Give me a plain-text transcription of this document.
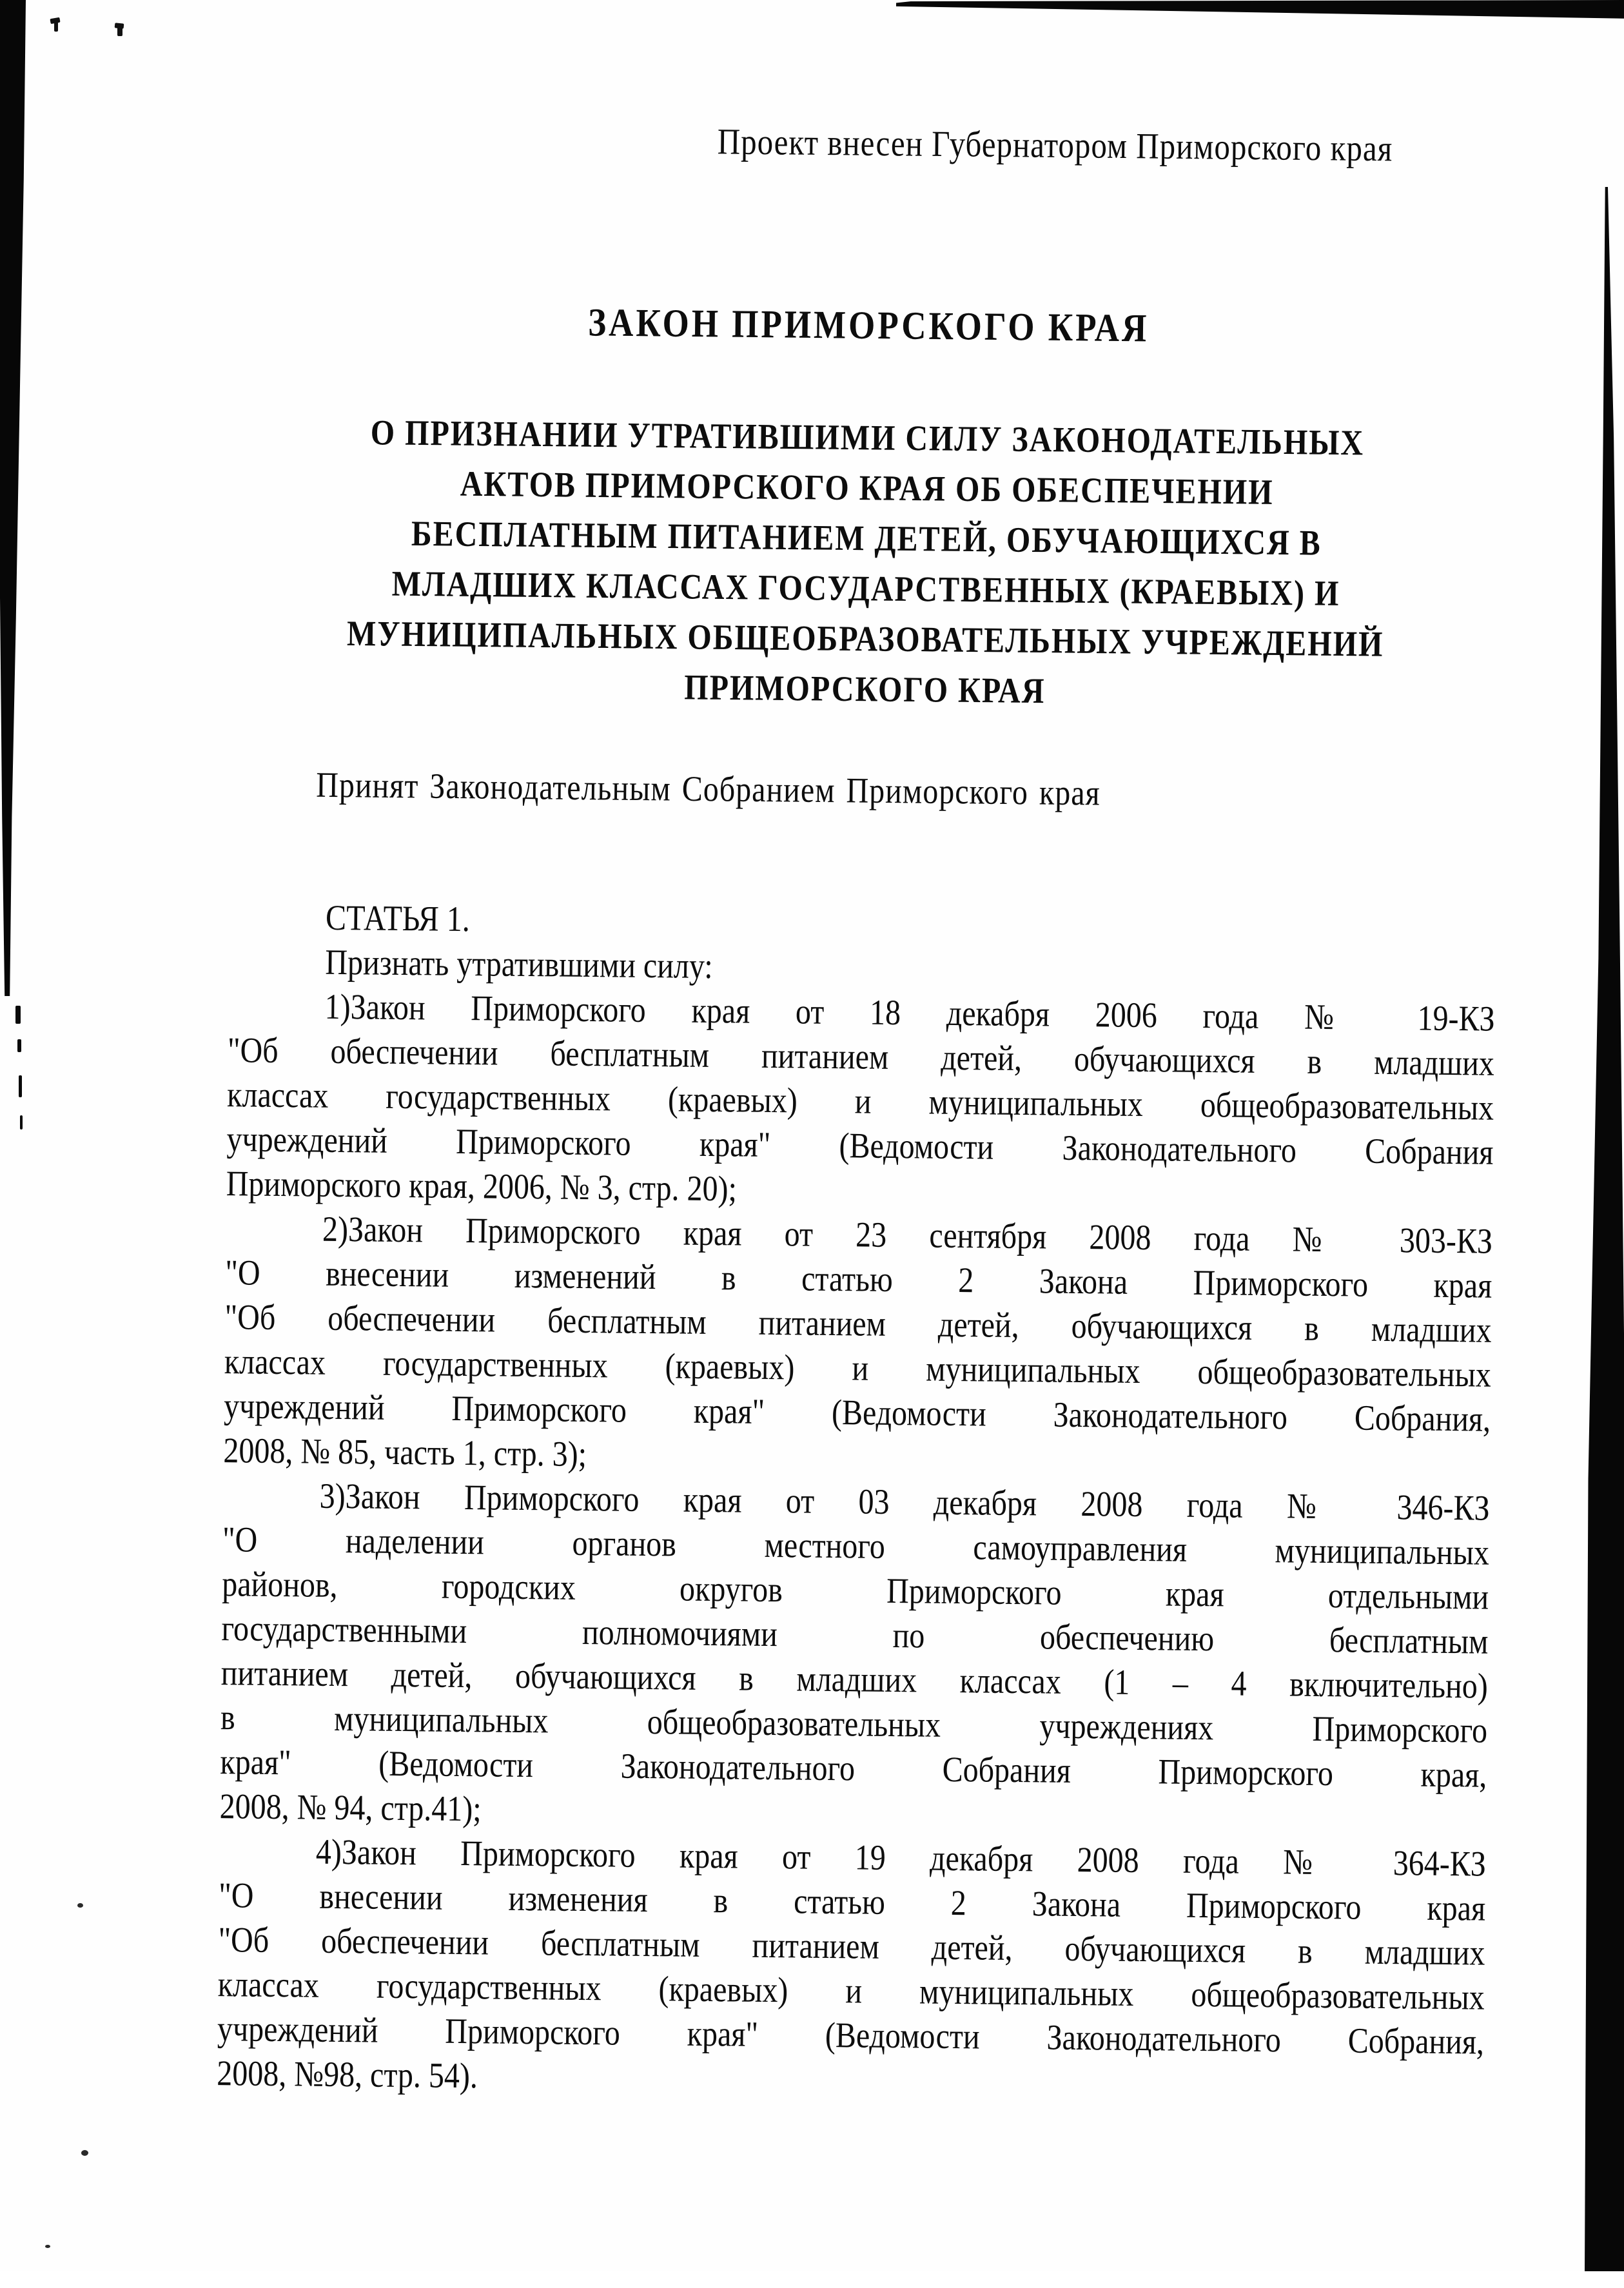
Проект внесен Губернатором Приморского края
ЗАКОН ПРИМОРСКОГО КРАЯ
О ПРИЗНАНИИ УТРАТИВШИМИ СИЛУ ЗАКОНОДАТЕЛЬНЫХ
АКТОВ ПРИМОРСКОГО КРАЯ ОБ ОБЕСПЕЧЕНИИ
БЕСПЛАТНЫМ ПИТАНИЕМ ДЕТЕЙ, ОБУЧАЮЩИХСЯ В
МЛАДШИХ КЛАССАХ ГОСУДАРСТВЕННЫХ (КРАЕВЫХ) И
МУНИЦИПАЛЬНЫХ ОБЩЕОБРАЗОВАТЕЛЬНЫХ УЧРЕЖДЕНИЙ
ПРИМОРСКОГО КРАЯ
Принят Законодательным Собранием Приморского края
СТАТЬЯ 1.
Признать утратившими силу:
1)Закон Приморского края от 18 декабря 2006 года № 19-КЗ
"Об обеспечении бесплатным питанием детей, обучающихся в младших
классах государственных (краевых) и муниципальных общеобразовательных
учреждений Приморского края" (Ведомости Законодательного Собрания
Приморского края, 2006, № 3, стр. 20);
2)Закон Приморского края от 23 сентября 2008 года № 303-КЗ
"О внесении изменений в статью 2 Закона Приморского края
"Об обеспечении бесплатным питанием детей, обучающихся в младших
классах государственных (краевых) и муниципальных общеобразовательных
учреждений Приморского края" (Ведомости Законодательного Собрания,
2008, № 85, часть 1, стр. 3);
3)Закон Приморского края от 03 декабря 2008 года № 346-КЗ
"О наделении органов местного самоуправления муниципальных
районов, городских округов Приморского края отдельными
государственными полномочиями по обеспечению бесплатным
питанием детей, обучающихся в младших классах (1 – 4 включительно)
в муниципальных общеобразовательных учреждениях Приморского
края" (Ведомости Законодательного Собрания Приморского края,
2008, № 94, стр.41);
4)Закон Приморского края от 19 декабря 2008 года № 364-КЗ
"О внесении изменения в статью 2 Закона Приморского края
"Об обеспечении бесплатным питанием детей, обучающихся в младших
классах государственных (краевых) и муниципальных общеобразовательных
учреждений Приморского края" (Ведомости Законодательного Собрания,
2008, №98, стр. 54).
